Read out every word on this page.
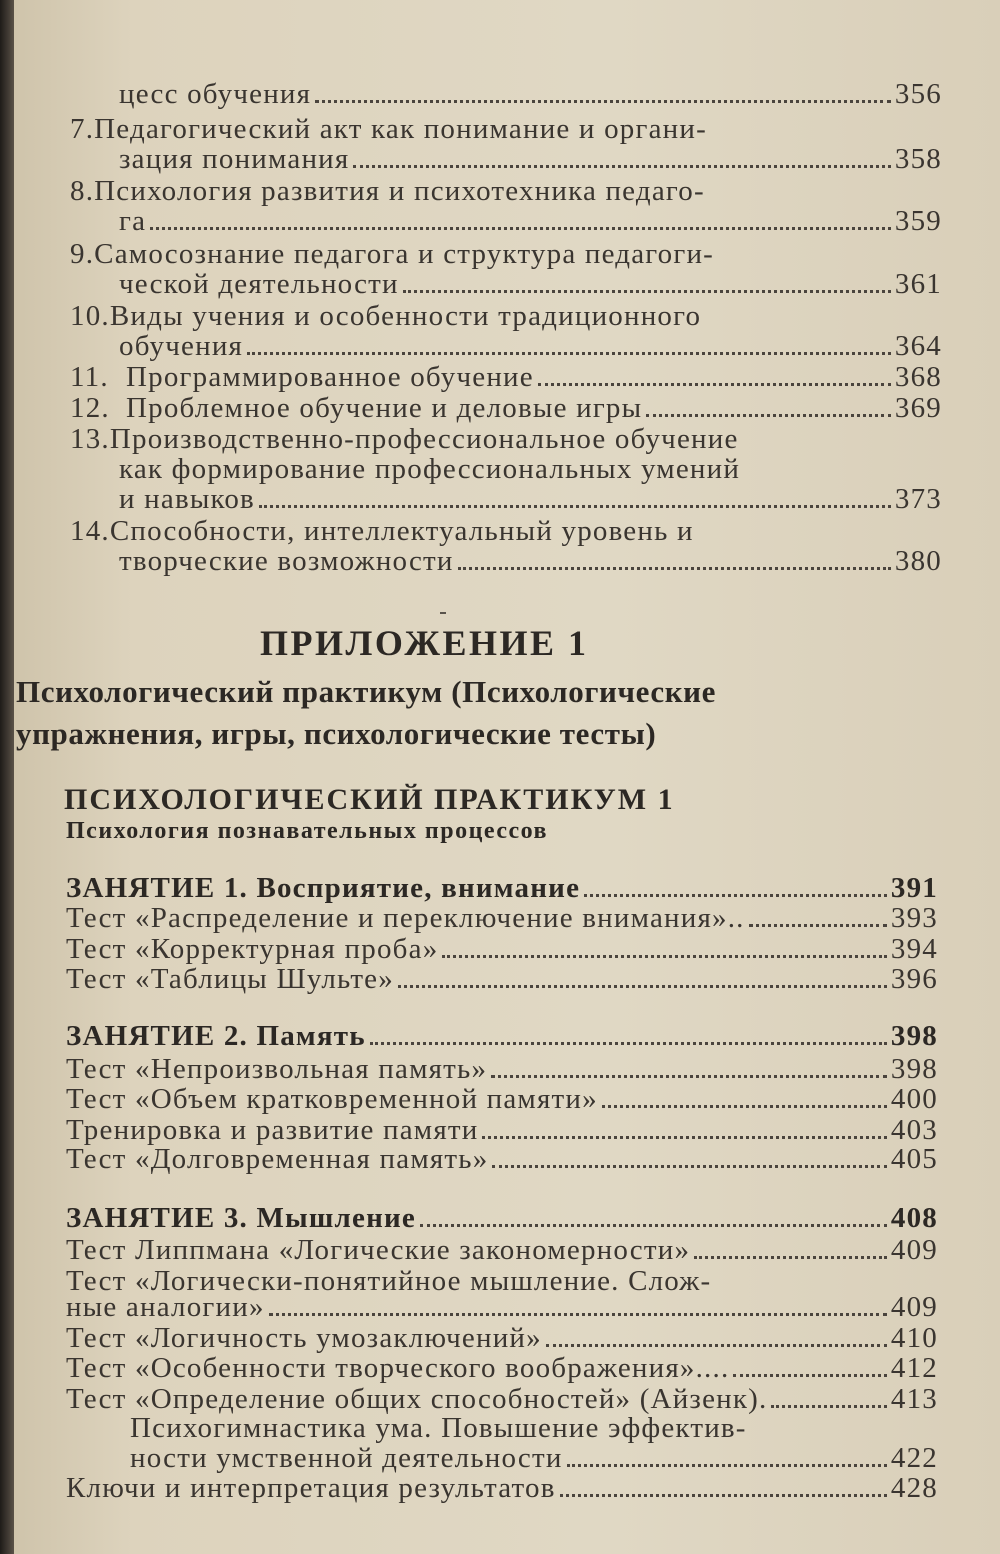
цесс обучения	356
7.Педагогический акт как понимание и органи-
зация понимания	358
8.Психология развития и психотехника педаго-
га	359
9.Самосознание педагога и структура педагоги-
ческой деятельности	361
10.Виды учения и особенности традиционного
обучения	364
11. Программированное обучение	368
12. Проблемное обучение и деловые игры	369
13.Производственно-профессиональное обучение
как формирование профессиональных умений
и навыков	373
14.Способности, интеллектуальный уровень и
творческие возможности	380
ПРИЛОЖЕНИЕ 1
Психологический практикум (Психологические
упражнения, игры, психологические тесты)
ПСИХОЛОГИЧЕСКИЙ ПРАКТИКУМ 1
Психология познавательных процессов
ЗАНЯТИЕ 1. Восприятие, внимание	391
Тест «Распределение и переключение внимания»..	393
Тест «Корректурная проба»	394
Тест «Таблицы Шульте»	396
ЗАНЯТИЕ 2. Память	398
Тест «Непроизвольная память»	398
Тест «Объем кратковременной памяти»	400
Тренировка и развитие памяти	403
Тест «Долговременная память»	405
ЗАНЯТИЕ 3. Мышление	408
Тест Липпмана «Логические закономерности»	409
Тест «Логически-понятийное мышление. Слож-
ные аналогии»	409
Тест «Логичность умозаключений»	410
Тест «Особенности творческого воображения»....	412
Тест «Определение общих способностей» (Айзенк).	413
Психогимнастика ума. Повышение эффектив-
ности умственной деятельности	422
Ключи и интерпретация результатов	428
